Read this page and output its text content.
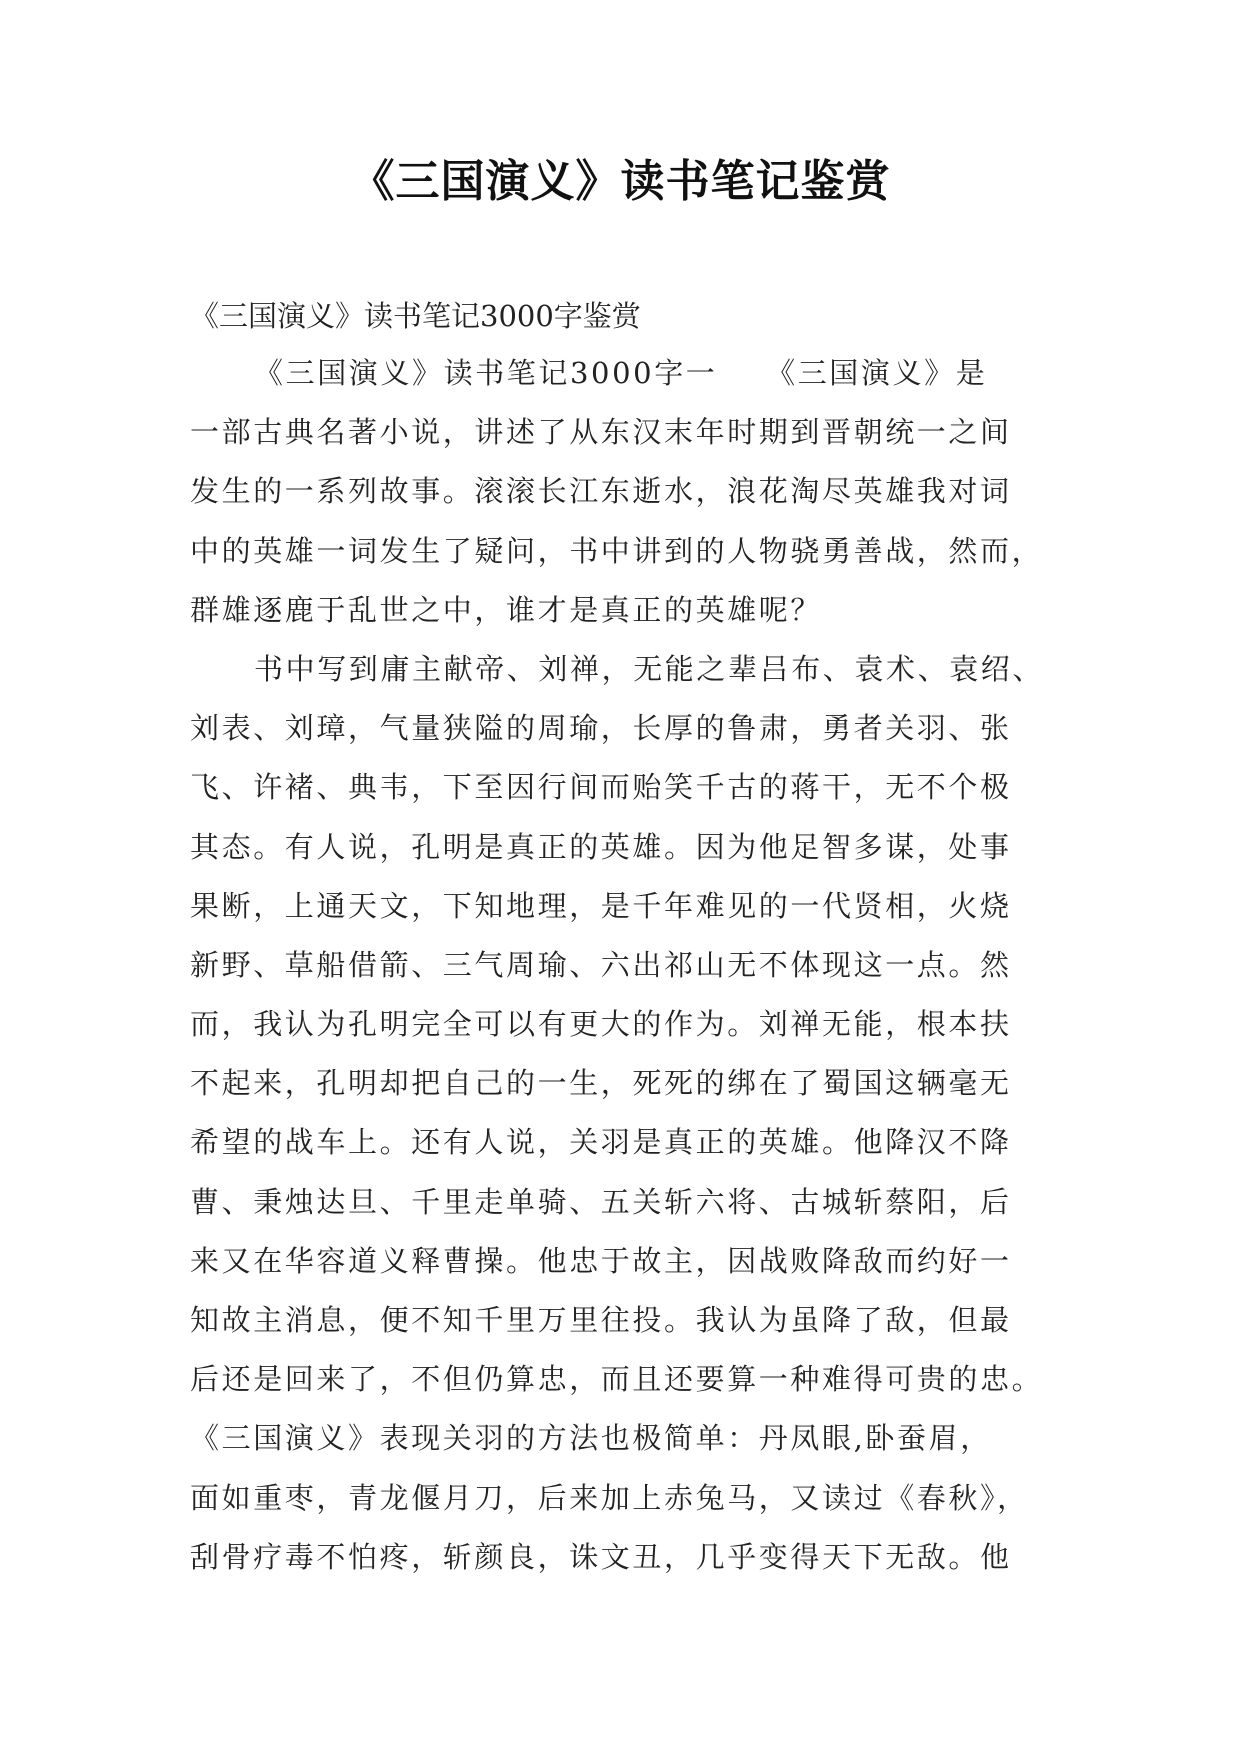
《三国演义》读书笔记鉴赏
《三国演义》读书笔记3000字鉴赏
《三国演义》读书笔记3000字一　　《三国演义》是
一部古典名著小说，讲述了从东汉末年时期到晋朝统一之间
发生的一系列故事。滚滚长江东逝水，浪花淘尽英雄我对词
中的英雄一词发生了疑问，书中讲到的人物骁勇善战，然而，
群雄逐鹿于乱世之中，谁才是真正的英雄呢？
书中写到庸主献帝、刘禅，无能之辈吕布、袁术、袁绍、
刘表、刘璋，气量狭隘的周瑜，长厚的鲁肃，勇者关羽、张
飞、许褚、典韦，下至因行间而贻笑千古的蒋干，无不个极
其态。有人说，孔明是真正的英雄。因为他足智多谋，处事
果断，上通天文，下知地理，是千年难见的一代贤相，火烧
新野、草船借箭、三气周瑜、六出祁山无不体现这一点。然
而，我认为孔明完全可以有更大的作为。刘禅无能，根本扶
不起来，孔明却把自己的一生，死死的绑在了蜀国这辆毫无
希望的战车上。还有人说，关羽是真正的英雄。他降汉不降
曹、秉烛达旦、千里走单骑、五关斩六将、古城斩蔡阳，后
来又在华容道义释曹操。他忠于故主，因战败降敌而约好一
知故主消息，便不知千里万里往投。我认为虽降了敌，但最
后还是回来了，不但仍算忠，而且还要算一种难得可贵的忠。
《三国演义》表现关羽的方法也极简单：丹凤眼,卧蚕眉，
面如重枣，青龙偃月刀，后来加上赤兔马，又读过《春秋》，
刮骨疗毒不怕疼，斩颜良，诛文丑，几乎变得天下无敌。他
